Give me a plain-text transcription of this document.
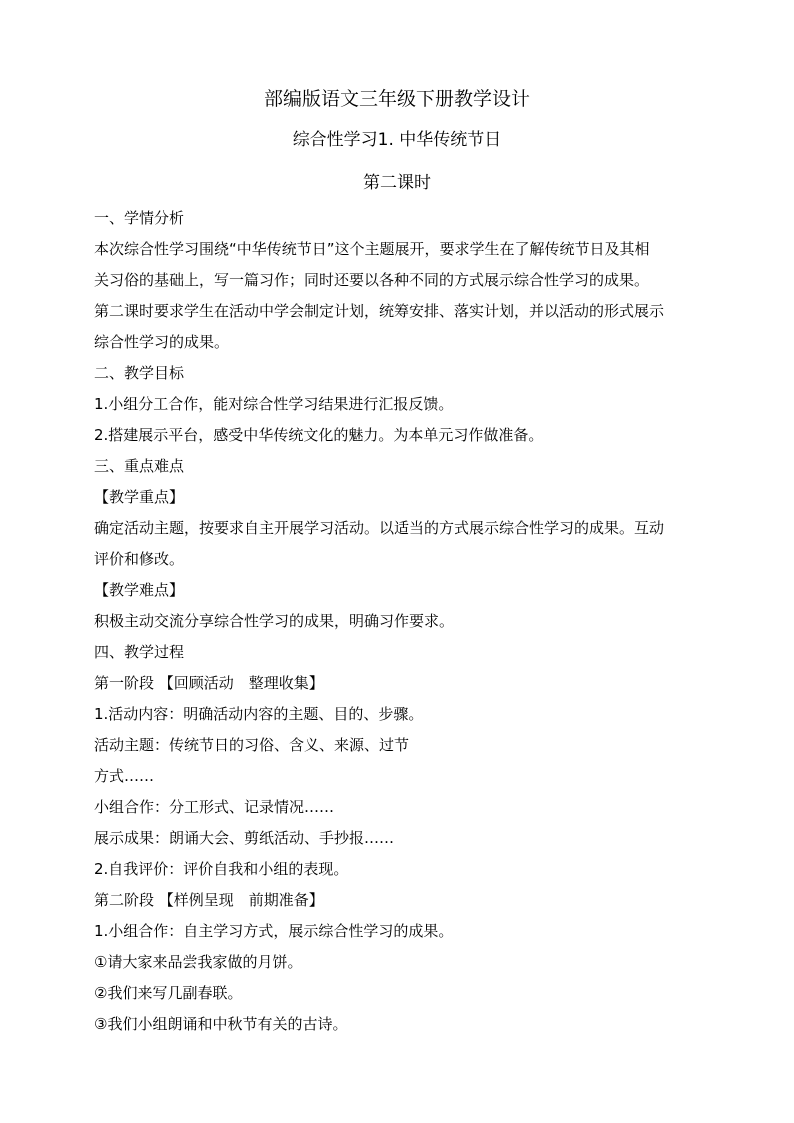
部编版语文三年级下册教学设计
综合性学习1. 中华传统节日
第二课时
一、学情分析
本次综合性学习围绕“中华传统节日”这个主题展开，要求学生在了解传统节日及其相
关习俗的基础上，写一篇习作；同时还要以各种不同的方式展示综合性学习的成果。
第二课时要求学生在活动中学会制定计划，统筹安排、落实计划，并以活动的形式展示
综合性学习的成果。
二、教学目标
1.小组分工合作，能对综合性学习结果进行汇报反馈。
2.搭建展示平台，感受中华传统文化的魅力。为本单元习作做准备。
三、重点难点
【教学重点】
确定活动主题，按要求自主开展学习活动。以适当的方式展示综合性学习的成果。互动
评价和修改。
【教学难点】
积极主动交流分享综合性学习的成果，明确习作要求。
四、教学过程
第一阶段 【回顾活动　整理收集】
1.活动内容：明确活动内容的主题、目的、步骤。
活动主题：传统节日的习俗、含义、来源、过节
方式……
小组合作：分工形式、记录情况……
展示成果：朗诵大会、剪纸活动、手抄报……
2.自我评价：评价自我和小组的表现。
第二阶段 【样例呈现　前期准备】
1.小组合作：自主学习方式，展示综合性学习的成果。
①请大家来品尝我家做的月饼。
②我们来写几副春联。
③我们小组朗诵和中秋节有关的古诗。
